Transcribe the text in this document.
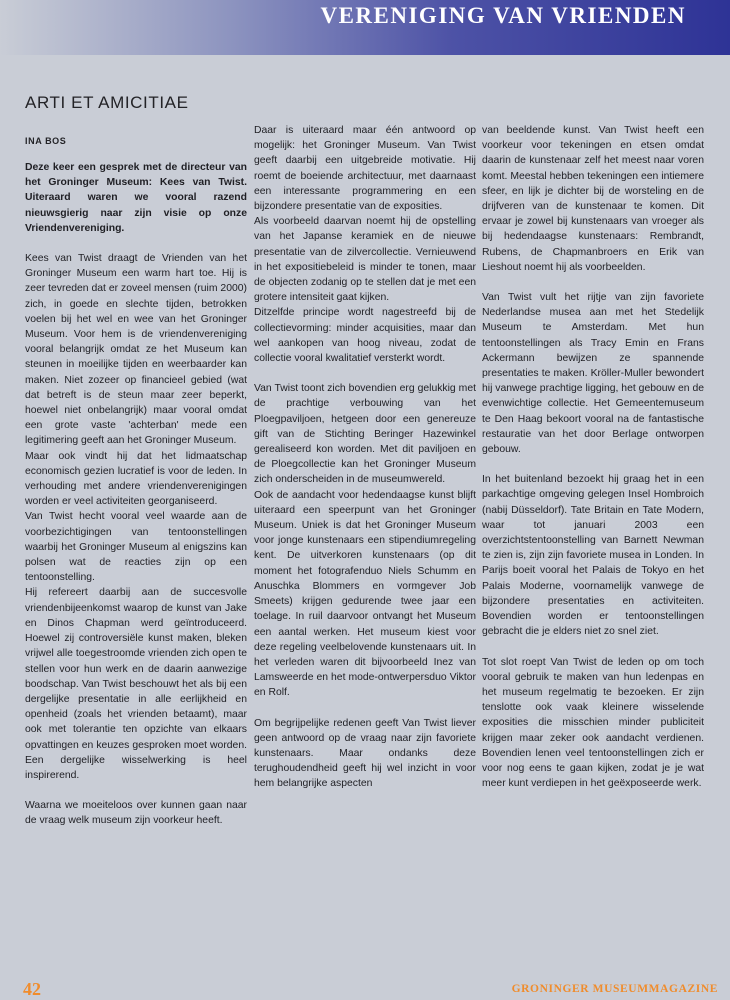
VERENIGING VAN VRIENDEN
ARTI ET AMICITIAE
INA BOS

Deze keer een gesprek met de directeur van het Groninger Museum: Kees van Twist. Uiteraard waren we vooral razend nieuwsgierig naar zijn visie op onze Vriendenvereniging.

Kees van Twist draagt de Vrienden van het Groninger Museum een warm hart toe. Hij is zeer tevreden dat er zoveel mensen (ruim 2000) zich, in goede en slechte tijden, betrokken voelen bij het wel en wee van het Groninger Museum. Voor hem is de vriendenvereniging vooral belangrijk omdat ze het Museum kan steunen in moeilijke tijden en weerbaarder kan maken. Niet zozeer op financieel gebied (wat dat betreft is de steun maar zeer beperkt, hoewel niet onbelangrijk) maar vooral omdat een grote vaste 'achterban' mede een legitimering geeft aan het Groninger Museum.

Maar ook vindt hij dat het lidmaatschap economisch gezien lucratief is voor de leden. In verhouding met andere vriendenverenigingen worden er veel activiteiten georganiseerd.

Van Twist hecht vooral veel waarde aan de voorbezichtigingen van tentoonstellingen waarbij het Groninger Museum al enigszins kan polsen wat de reacties zijn op een tentoonstelling.

Hij refereert daarbij aan de succesvolle vriendenbijeenkomst waarop de kunst van Jake en Dinos Chapman werd geïntroduceerd. Hoewel zij controversiële kunst maken, bleken vrijwel alle toegestroomde vrienden zich open te stellen voor hun werk en de daarin aanwezige boodschap. Van Twist beschouwt het als bij een dergelijke presentatie in alle eerlijkheid en openheid (zoals het vrienden betaamt), maar ook met tolerantie ten opzichte van elkaars opvattingen en keuzes gesproken moet worden. Een dergelijke wisselwerking is heel inspirerend.

Waarna we moeiteloos over kunnen gaan naar de vraag welk museum zijn voorkeur heeft.

Daar is uiteraard maar één antwoord op mogelijk: het Groninger Museum. Van Twist geeft daarbij een uitgebreide motivatie. Hij roemt de boeiende architectuur, met daarnaast een interessante programmering en een bijzondere presentatie van de exposities.

Als voorbeeld daarvan noemt hij de opstelling van het Japanse keramiek en de nieuwe presentatie van de zilvercollectie. Vernieuwend in het expositiebeleid is minder te tonen, maar de objecten zodanig op te stellen dat je met een grotere intensiteit gaat kijken.

Ditzelfde principe wordt nagestreefd bij de collectievorming: minder acquisities, maar dan wel aankopen van hoog niveau, zodat de collectie vooral kwalitatief versterkt wordt.

Van Twist toont zich bovendien erg gelukkig met de prachtige verbouwing van het Ploegpaviljoen, hetgeen door een genereuze gift van de Stichting Beringer Hazewinkel gerealiseerd kon worden. Met dit paviljoen en de Ploegcollectie kan het Groninger Museum zich onderscheiden in de museumwereld.

Ook de aandacht voor hedendaagse kunst blijft uiteraard een speerpunt van het Groninger Museum. Uniek is dat het Groninger Museum voor jonge kunstenaars een stipendiumregeling kent. De uitverkoren kunstenaars (op dit moment het fotografenduo Niels Schumm en Anuschka Blommers en vormgever Job Smeets) krijgen gedurende twee jaar een toelage. In ruil daarvoor ontvangt het Museum een aantal werken. Het museum kiest voor deze regeling veelbelovende kunstenaars uit. In het verleden waren dit bijvoorbeeld Inez van Lamsweerde en het mode-ontwerpersduo Viktor en Rolf.

Om begrijpelijke redenen geeft Van Twist liever geen antwoord op de vraag naar zijn favoriete kunstenaars. Maar ondanks deze terughoudendheid geeft hij wel inzicht in voor hem belangrijke aspecten

van beeldende kunst. Van Twist heeft een voorkeur voor tekeningen en etsen omdat daarin de kunstenaar zelf het meest naar voren komt. Meestal hebben tekeningen een intiemere sfeer, en lijk je dichter bij de worsteling en de drijfveren van de kunstenaar te komen. Dit ervaar je zowel bij kunstenaars van vroeger als bij hedendaagse kunstenaars: Rembrandt, Rubens, de Chapmanbroers en Erik van Lieshout noemt hij als voorbeelden.

Van Twist vult het rijtje van zijn favoriete Nederlandse musea aan met het Stedelijk Museum te Amsterdam. Met hun tentoonstellingen als Tracy Emin en Frans Ackermann bewijzen ze spannende presentaties te maken. Kröller-Muller bewondert hij vanwege prachtige ligging, het gebouw en de evenwichtige collectie. Het Gemeentemuseum te Den Haag bekoort vooral na de fantastische restauratie van het door Berlage ontworpen gebouw.

In het buitenland bezoekt hij graag het in een parkachtige omgeving gelegen Insel Hombroich (nabij Düsseldorf). Tate Britain en Tate Modern, waar tot januari 2003 een overzichtstentoonstelling van Barnett Newman te zien is, zijn zijn favoriete musea in Londen. In Parijs boeit vooral het Palais de Tokyo en het Palais Moderne, voornamelijk vanwege de bijzondere presentaties en activiteiten. Bovendien worden er tentoonstellingen gebracht die je elders niet zo snel ziet.

Tot slot roept Van Twist de leden op om toch vooral gebruik te maken van hun ledenpas en het museum regelmatig te bezoeken. Er zijn tenslotte ook vaak kleinere wisselende exposities die misschien minder publiciteit krijgen maar zeker ook aandacht verdienen. Bovendien lenen veel tentoonstellingen zich er voor nog eens te gaan kijken, zodat je je wat meer kunt verdiepen in het geëxposeerde werk.

42	GRONINGER MUSEUMMAGAZINE
